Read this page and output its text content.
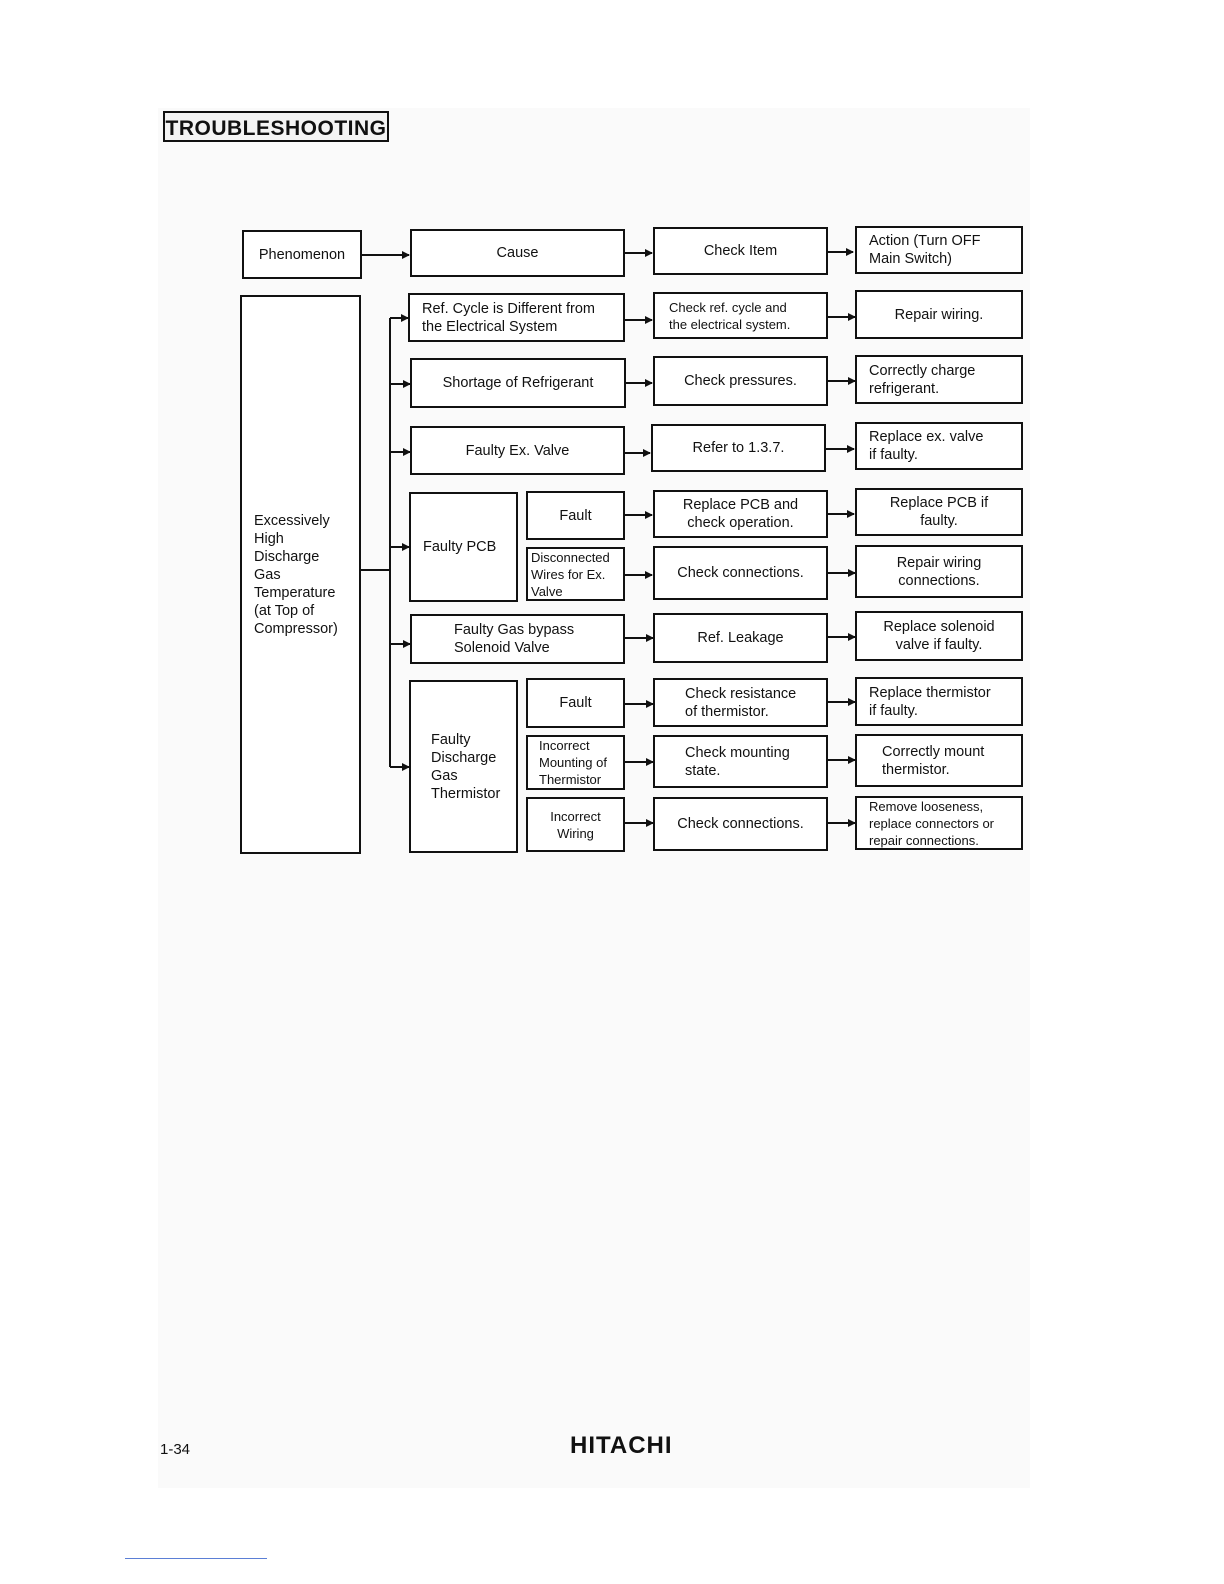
TROUBLESHOOTING
Phenomenon	Cause	Check Item
Action (Turn OFF
Main Switch)
Excessively
High
Discharge
Gas
Temperature
(at Top of
Compressor)
Ref. Cycle is Different from
the Electrical System
Check ref. cycle and
the electrical system.
Repair wiring.
Shortage of Refrigerant	Check pressures.
Correctly charge
refrigerant.
Faulty Ex. Valve	Refer to 1.3.7.
Replace ex. valve
if faulty.
Faulty PCB
Fault
Disconnected
Wires for Ex.
Valve
Replace PCB and
check operation.
Check connections.
Replace PCB if
faulty.
Repair wiring
connections.
Faulty Gas bypass
Solenoid Valve
Ref. Leakage
Replace solenoid
valve if faulty.
Faulty
Discharge
Gas
Thermistor
Fault
Incorrect
Mounting of
Thermistor
Incorrect
Wiring
Check resistance
of thermistor.
Check mounting
state.
Check connections.
Replace thermistor
if faulty.
Correctly mount
thermistor.
Remove looseness,
replace connectors or
repair connections.
1-34	HITACHI
